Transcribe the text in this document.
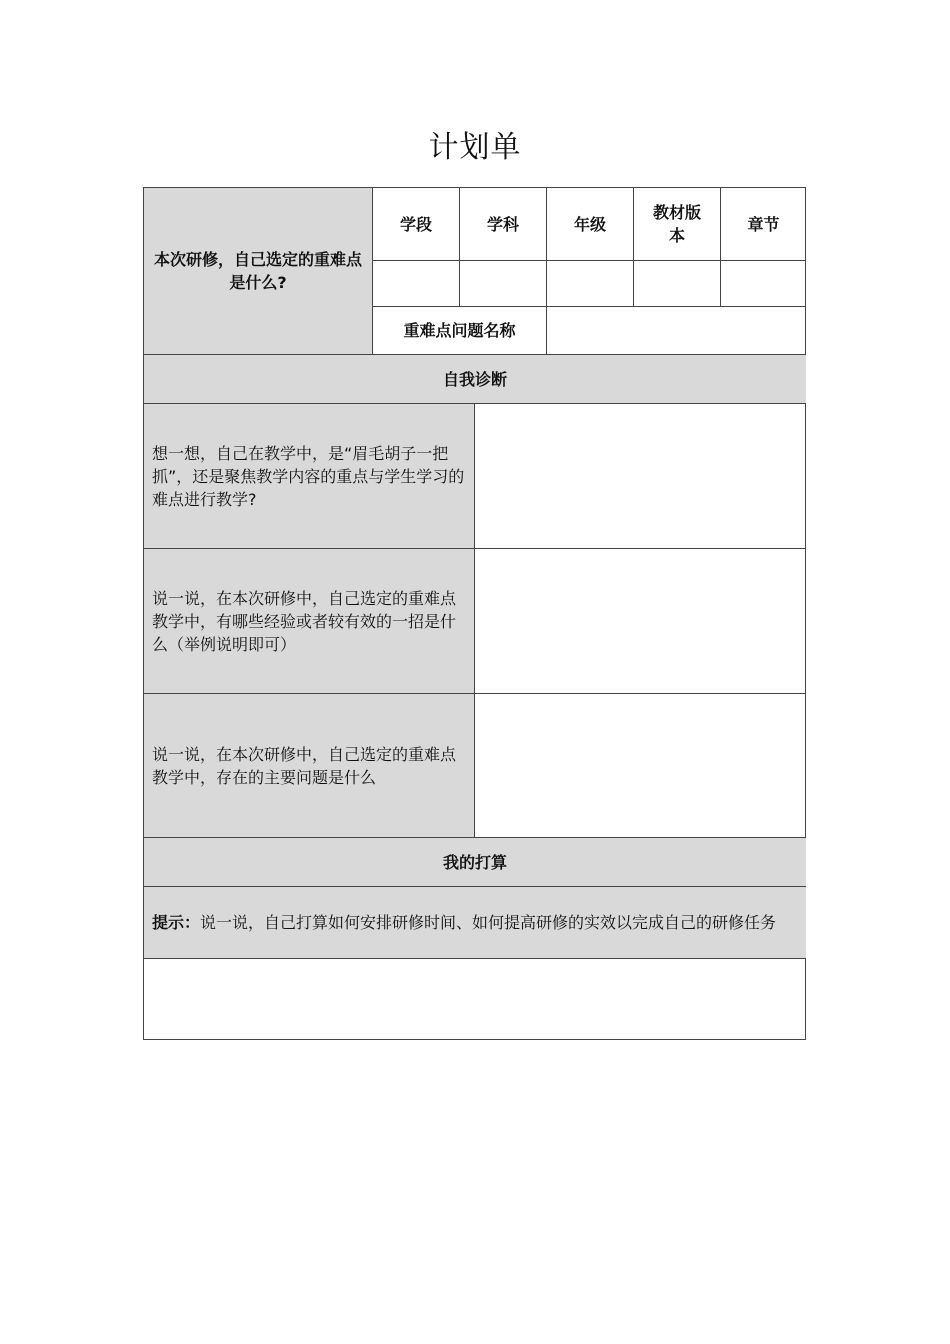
计划单
本次研修，自己选定的重难点是什么?
学段	学科	年级
教材版本
章节
重难点问题名称
自我诊断
想一想，自己在教学中，是“眉毛胡子一把抓”，还是聚焦教学内容的重点与学生学习的难点进行教学?
说一说，在本次研修中，自己选定的重难点教学中，有哪些经验或者较有效的一招是什么（举例说明即可）
说一说，在本次研修中，自己选定的重难点教学中，存在的主要问题是什么
我的打算
提示：说一说，自己打算如何安排研修时间、如何提高研修的实效以完成自己的研修任务
